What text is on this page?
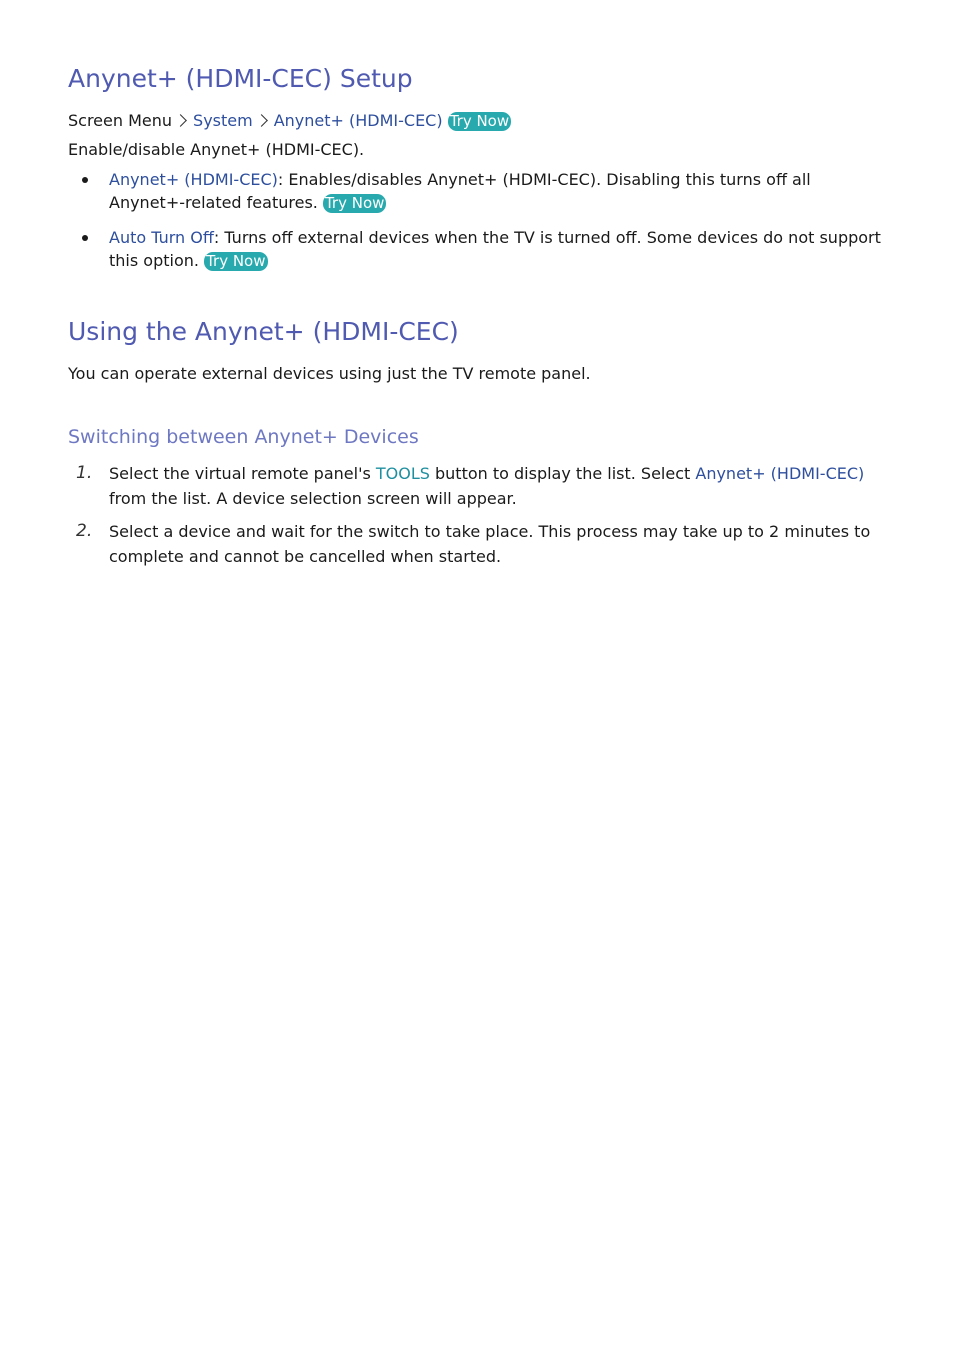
Anynet+ (HDMI-CEC) Setup
Screen Menu System Anynet+ (HDMI-CEC) Try Now
Enable/disable Anynet+ (HDMI-CEC).
Anynet+ (HDMI-CEC): Enables/disables Anynet+ (HDMI-CEC). Disabling this turns off all
Anynet+-related features. Try Now
Auto Turn Off: Turns off external devices when the TV is turned off. Some devices do not support
this option. Try Now
Using the Anynet+ (HDMI-CEC)
You can operate external devices using just the TV remote panel.
Switching between Anynet+ Devices
1. Select the virtual remote panel's TOOLS button to display the list. Select Anynet+ (HDMI-CEC)
from the list. A device selection screen will appear.
2. Select a device and wait for the switch to take place. This process may take up to 2 minutes to
complete and cannot be cancelled when started.
